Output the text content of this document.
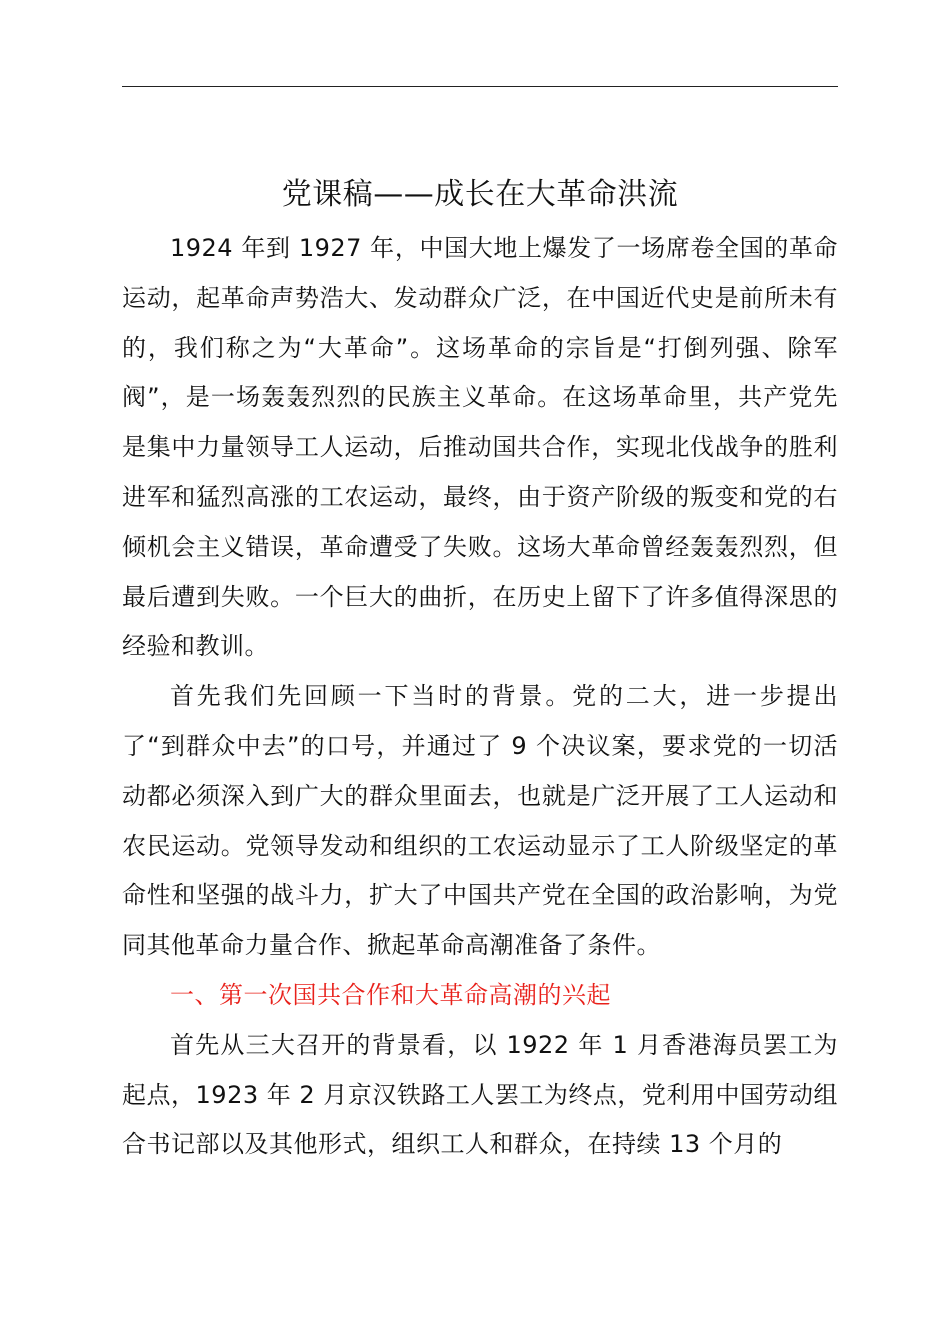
党课稿——成长在大革命洪流

1924 年到 1927 年，中国大地上爆发了一场席卷全国的革命运动，起革命声势浩大、发动群众广泛，在中国近代史是前所未有的，我们称之为“大革命”。这场革命的宗旨是“打倒列强、除军阀”，是一场轰轰烈烈的民族主义革命。在这场革命里，共产党先是集中力量领导工人运动，后推动国共合作，实现北伐战争的胜利进军和猛烈高涨的工农运动，最终，由于资产阶级的叛变和党的右倾机会主义错误，革命遭受了失败。这场大革命曾经轰轰烈烈，但最后遭到失败。一个巨大的曲折，在历史上留下了许多值得深思的经验和教训。

首先我们先回顾一下当时的背景。党的二大，进一步提出了“到群众中去”的口号，并通过了 9 个决议案，要求党的一切活动都必须深入到广大的群众里面去，也就是广泛开展了工人运动和农民运动。党领导发动和组织的工农运动显示了工人阶级坚定的革命性和坚强的战斗力，扩大了中国共产党在全国的政治影响，为党同其他革命力量合作、掀起革命高潮准备了条件。

一、第一次国共合作和大革命高潮的兴起

首先从三大召开的背景看，以 1922 年 1 月香港海员罢工为起点，1923 年 2 月京汉铁路工人罢工为终点，党利用中国劳动组合书记部以及其他形式，组织工人和群众，在持续 13 个月的
